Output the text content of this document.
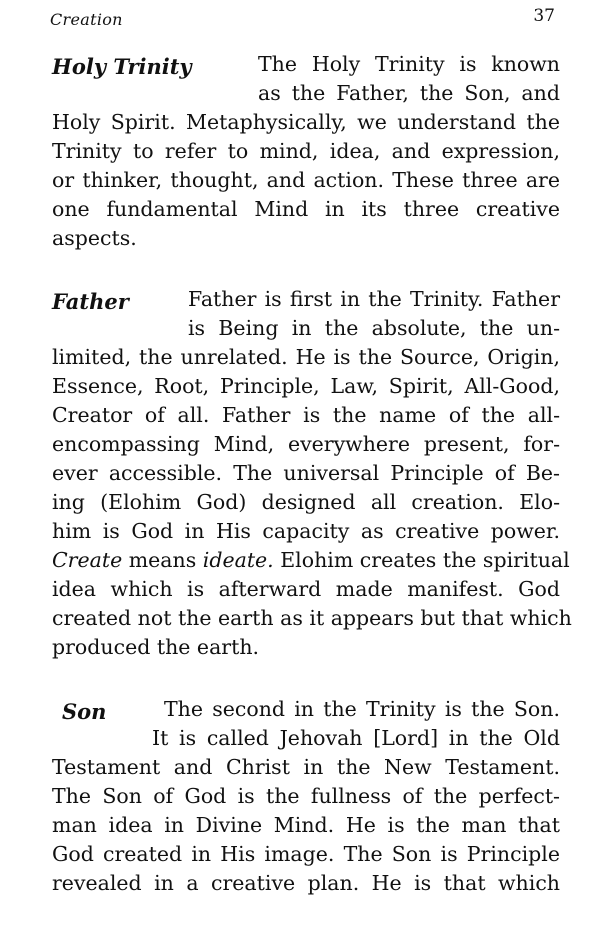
Creation	37
Holy Trinity	The Holy Trinity is known
as the Father, the Son, and
Holy Spirit. Metaphysically, we understand the
Trinity to refer to mind, idea, and expression,
or thinker, thought, and action. These three are
one fundamental Mind in its three creative
aspects.
Father	Father is first in the Trinity. Father
is Being in the absolute, the un-
limited, the unrelated. He is the Source, Origin,
Essence, Root, Principle, Law, Spirit, All-Good,
Creator of all. Father is the name of the all-
encompassing Mind, everywhere present, for-
ever accessible. The universal Principle of Be-
ing (Elohim God) designed all creation. Elo-
him is God in His capacity as creative power.
Create means ideate. Elohim creates the spiritual
idea which is afterward made manifest. God
created not the earth as it appears but that which
produced the earth.
Son	The second in the Trinity is the Son.
It is called Jehovah [Lord] in the Old
Testament and Christ in the New Testament.
The Son of God is the fullness of the perfect-
man idea in Divine Mind. He is the man that
God created in His image. The Son is Principle
revealed in a creative plan. He is that which
